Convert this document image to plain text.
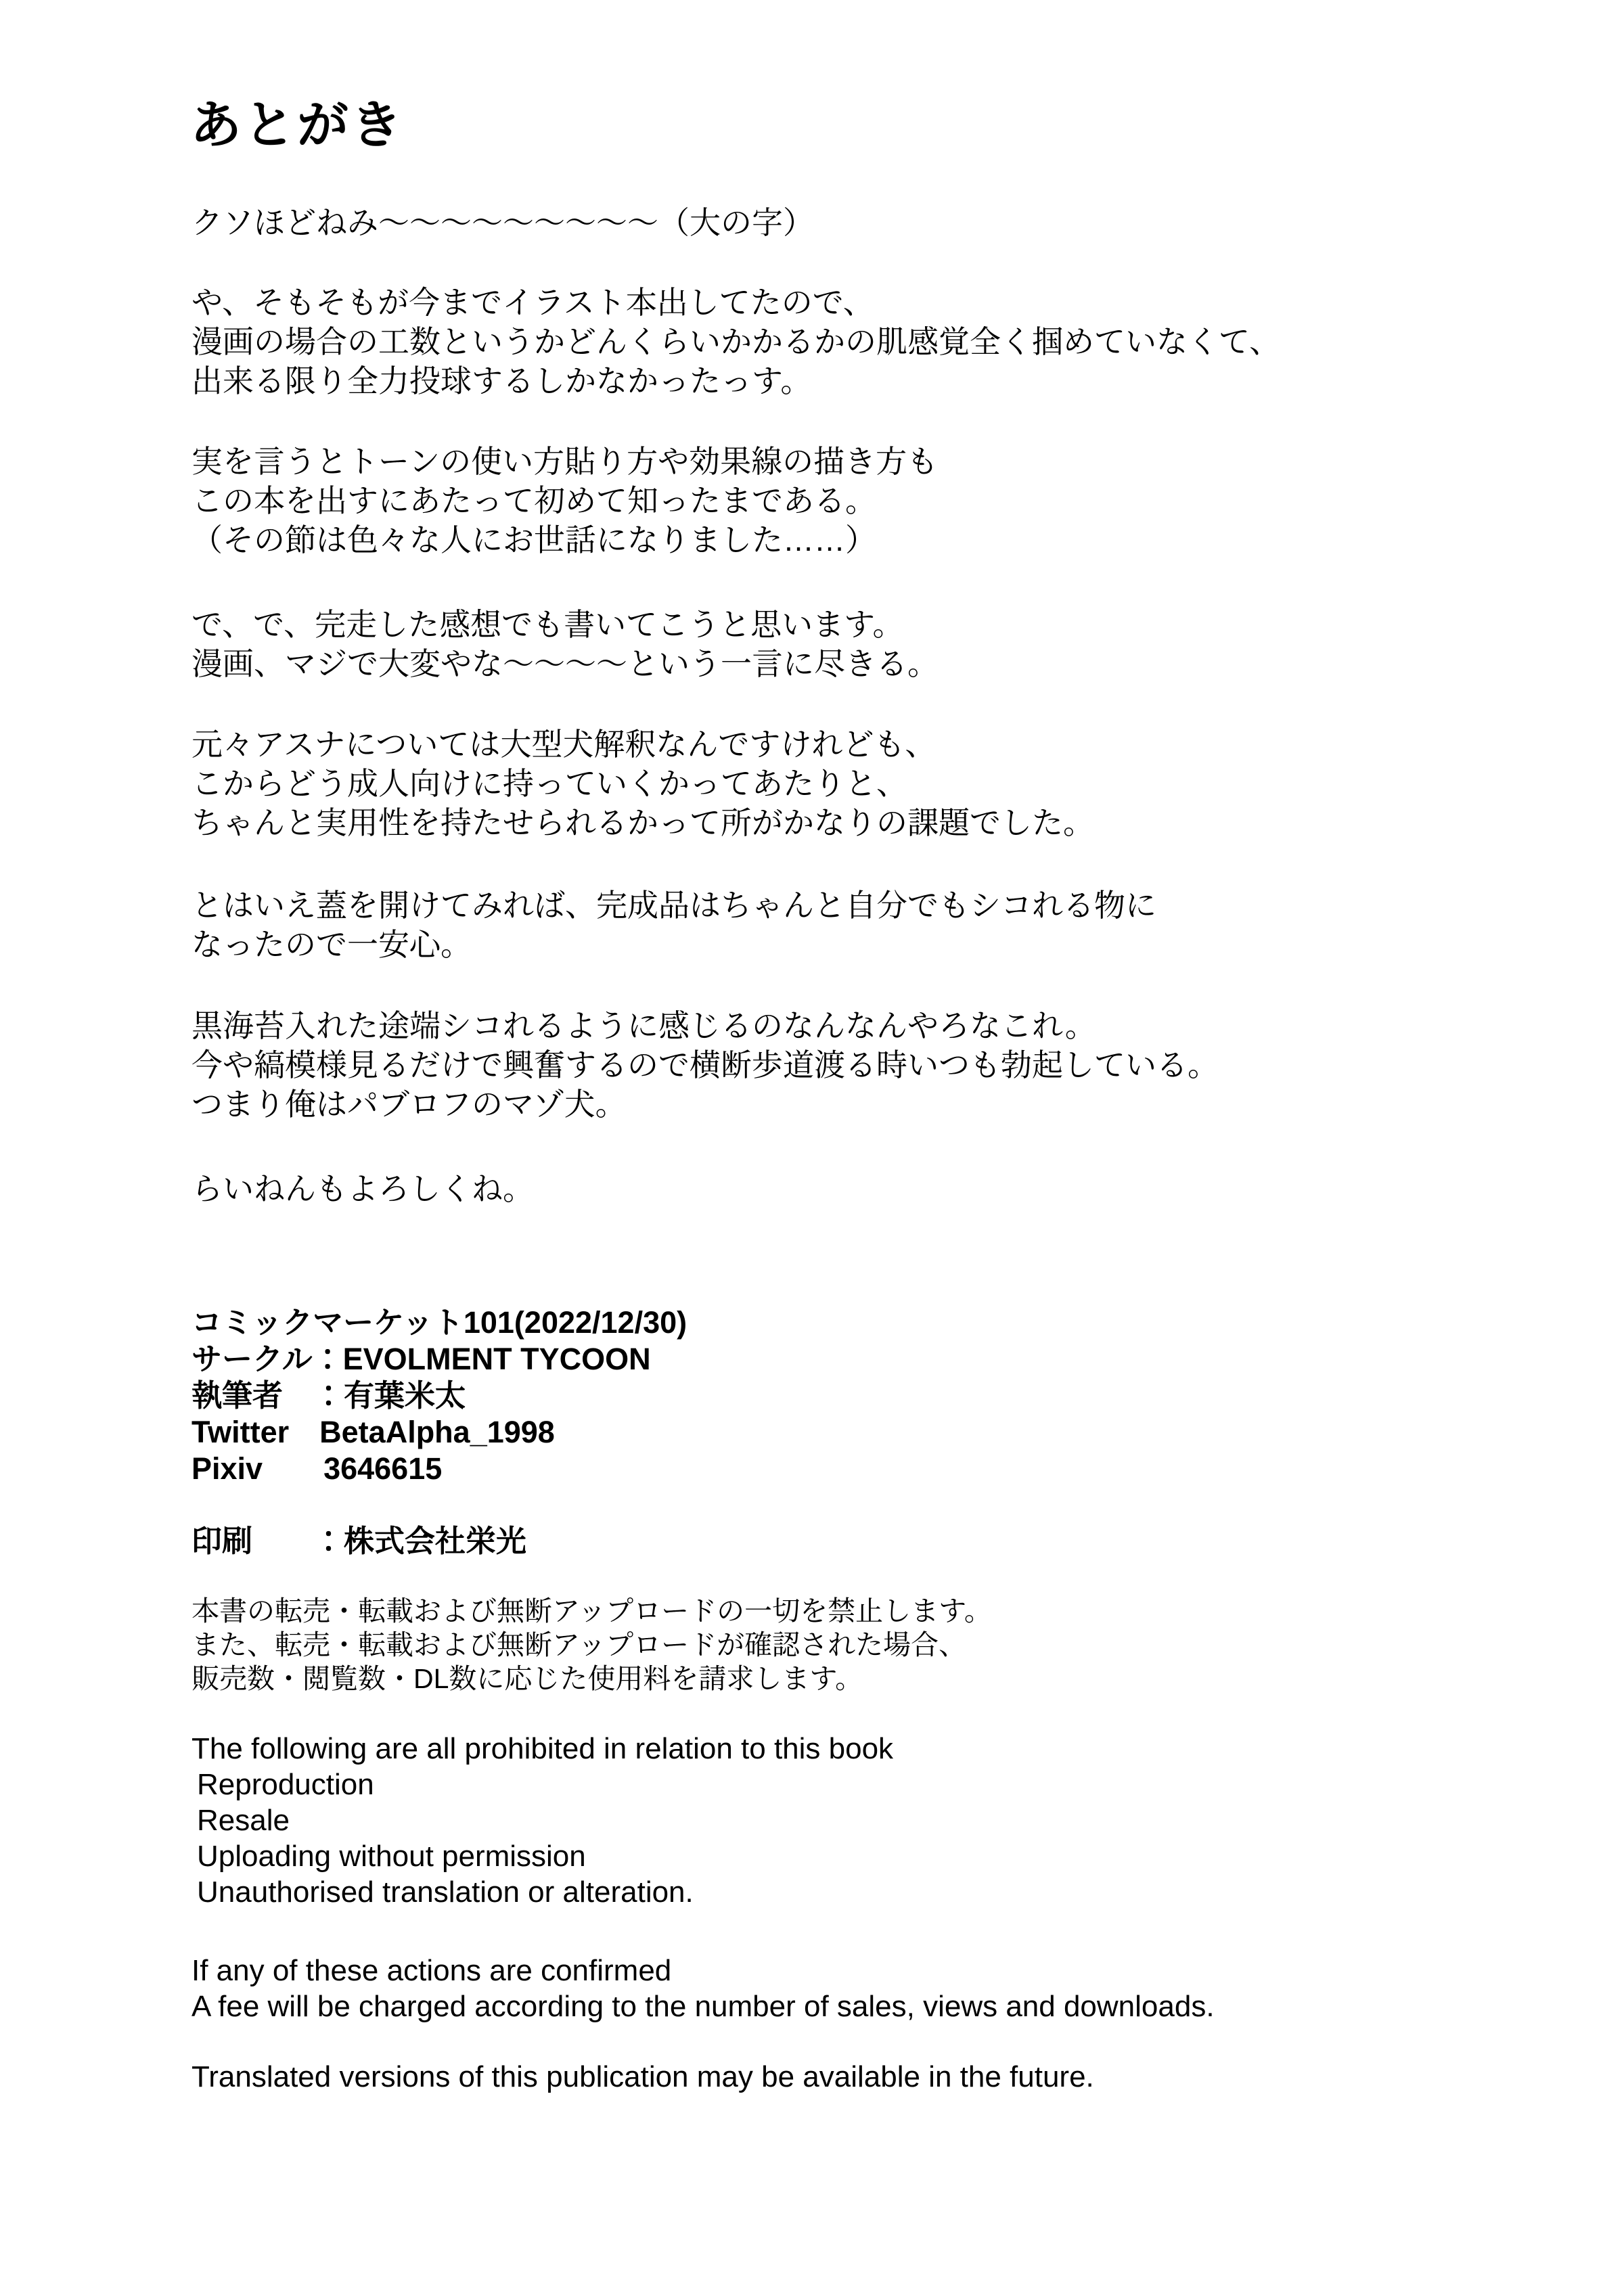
あとがき
クソほどねみ～～～～～～～～～（大の字）
や、そもそもが今までイラスト本出してたので、
漫画の場合の工数というかどんくらいかかるかの肌感覚全く掴めていなくて、
出来る限り全力投球するしかなかったっす。
実を言うとトーンの使い方貼り方や効果線の描き方も
この本を出すにあたって初めて知ったまである。
（その節は色々な人にお世話になりました……）
で、で、完走した感想でも書いてこうと思います。
漫画、マジで大変やな～～～～という一言に尽きる。
元々アスナについては大型犬解釈なんですけれども、
こからどう成人向けに持っていくかってあたりと、
ちゃんと実用性を持たせられるかって所がかなりの課題でした。
とはいえ蓋を開けてみれば、完成品はちゃんと自分でもシコれる物に
なったので一安心。
黒海苔入れた途端シコれるように感じるのなんなんやろなこれ。
今や縞模様見るだけで興奮するので横断歩道渡る時いつも勃起している。
つまり俺はパブロフのマゾ犬。
らいねんもよろしくね。
コミックマーケット101(2022/12/30)
サークル：EVOLMENT TYCOON
執筆者　：有葉米太
Twitter　BetaAlpha_1998
Pixiv　　3646615
印刷　　：株式会社栄光
本書の転売・転載および無断アップロードの一切を禁止します。
また、転売・転載および無断アップロードが確認された場合、
販売数・閲覧数・DL数に応じた使用料を請求します。
The following are all prohibited in relation to this book
Reproduction
Resale
Uploading without permission
Unauthorised translation or alteration.
If any of these actions are confirmed
A fee will be charged according to the number of sales, views and downloads.
Translated versions of this publication may be available in the future.
